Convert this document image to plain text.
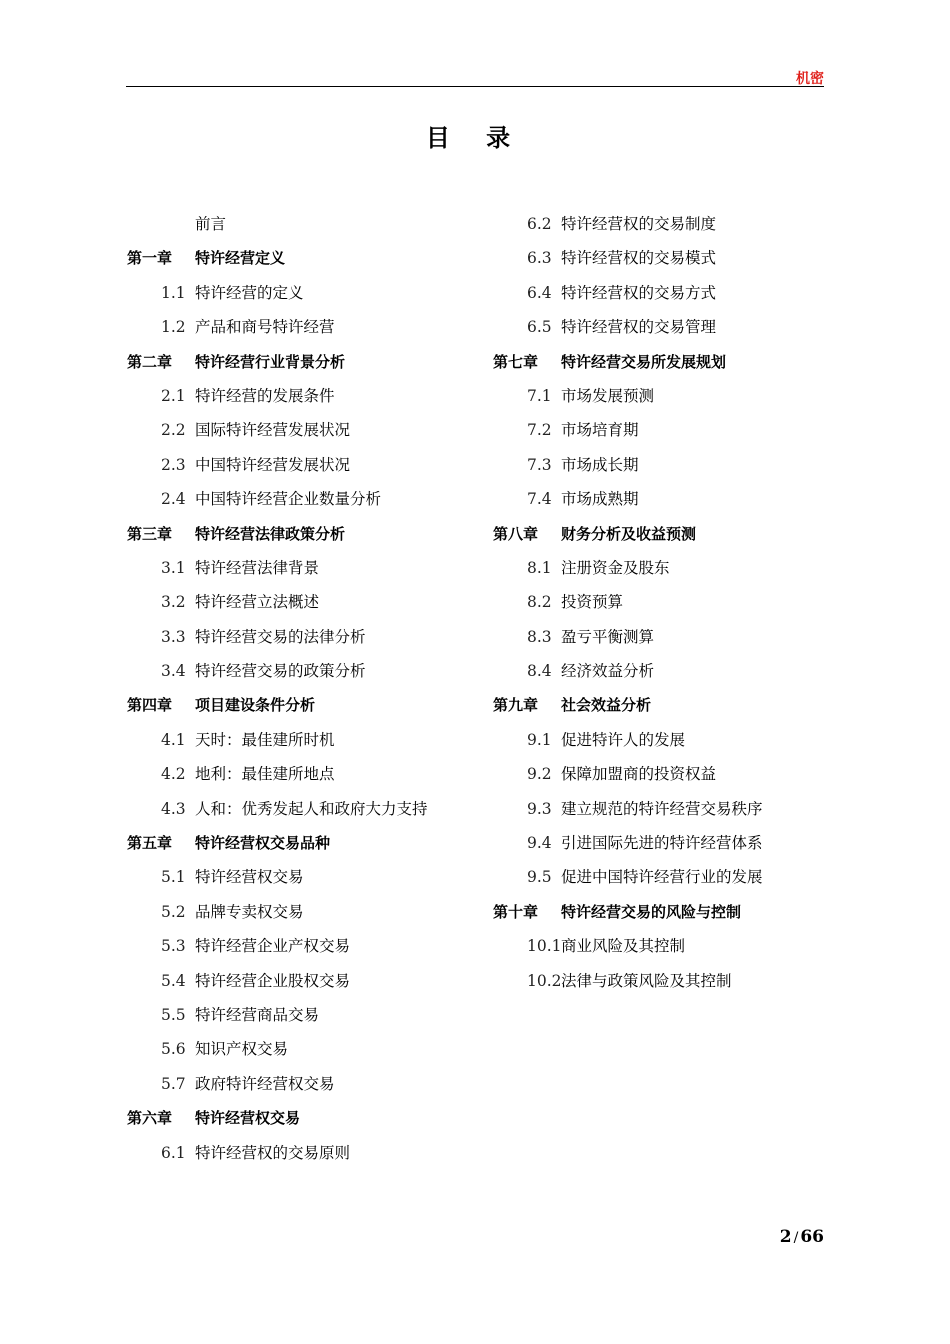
机密
目 录
前言
第一章 特许经营定义
1.1 特许经营的定义
1.2 产品和商号特许经营
第二章 特许经营行业背景分析
2.1 特许经营的发展条件
2.2 国际特许经营发展状况
2.3 中国特许经营发展状况
2.4 中国特许经营企业数量分析
第三章 特许经营法律政策分析
3.1 特许经营法律背景
3.2 特许经营立法概述
3.3 特许经营交易的法律分析
3.4 特许经营交易的政策分析
第四章 项目建设条件分析
4.1 天时：最佳建所时机
4.2 地利：最佳建所地点
4.3 人和：优秀发起人和政府大力支持
第五章 特许经营权交易品种
5.1 特许经营权交易
5.2 品牌专卖权交易
5.3 特许经营企业产权交易
5.4 特许经营企业股权交易
5.5 特许经营商品交易
5.6 知识产权交易
5.7 政府特许经营权交易
第六章 特许经营权交易
6.1 特许经营权的交易原则
6.2 特许经营权的交易制度
6.3 特许经营权的交易模式
6.4 特许经营权的交易方式
6.5 特许经营权的交易管理
第七章 特许经营交易所发展规划
7.1 市场发展预测
7.2 市场培育期
7.3 市场成长期
7.4 市场成熟期
第八章 财务分析及收益预测
8.1 注册资金及股东
8.2 投资预算
8.3 盈亏平衡测算
8.4 经济效益分析
第九章 社会效益分析
9.1 促进特许人的发展
9.2 保障加盟商的投资权益
9.3 建立规范的特许经营交易秩序
9.4 引进国际先进的特许经营体系
9.5 促进中国特许经营行业的发展
第十章 特许经营交易的风险与控制
10.1商业风险及其控制
10.2法律与政策风险及其控制
2 / 66
